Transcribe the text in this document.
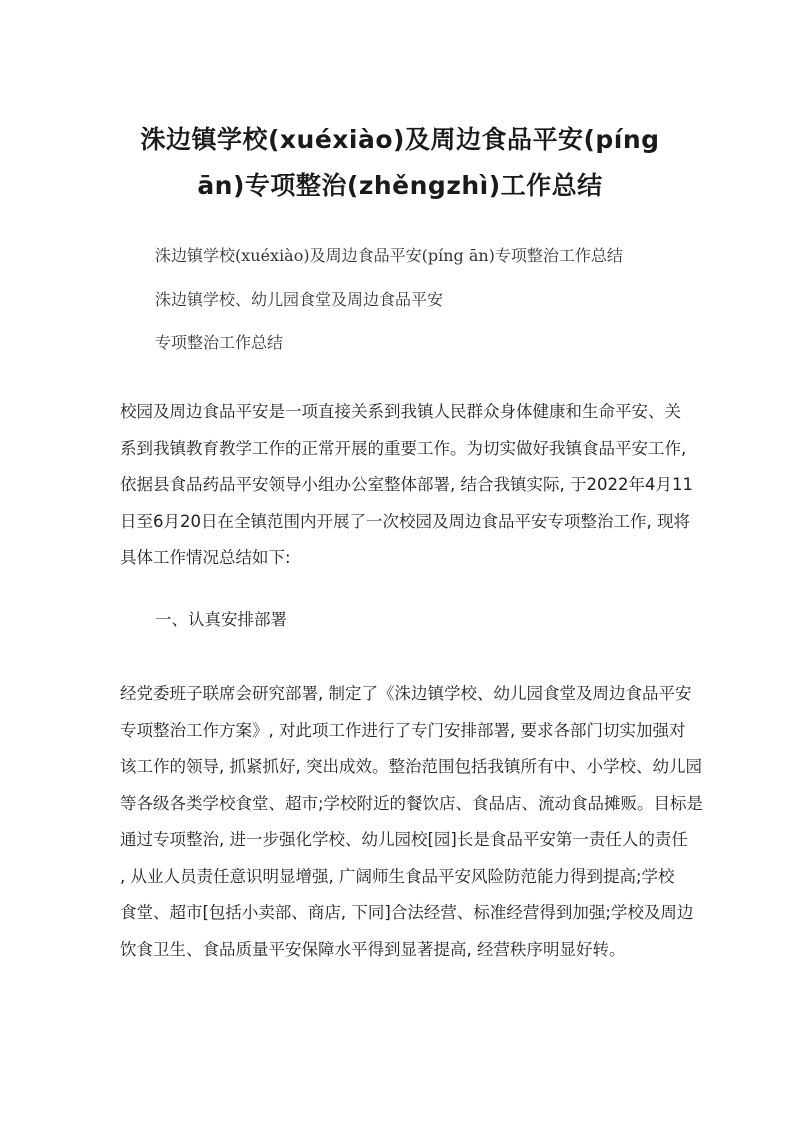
洙边镇学校(xuéxiào)及周边食品平安(píng
ān)专项整治(zhěngzhì)工作总结
洙边镇学校(xuéxiào)及周边食品平安(píng ān)专项整治工作总结
洙边镇学校、幼儿园食堂及周边食品平安
专项整治工作总结
校园及周边食品平安是一项直接关系到我镇人民群众身体健康和生命平安、关
系到我镇教育教学工作的正常开展的重要工作。为切实做好我镇食品平安工作,
依据县食品药品平安领导小组办公室整体部署, 结合我镇实际, 于2022年4月11
日至6月20日在全镇范围内开展了一次校园及周边食品平安专项整治工作, 现将
具体工作情况总结如下:
一、认真安排部署
经党委班子联席会研究部署, 制定了《洙边镇学校、幼儿园食堂及周边食品平安
专项整治工作方案》, 对此项工作进行了专门安排部署, 要求各部门切实加强对
该工作的领导, 抓紧抓好, 突出成效。整治范围包括我镇所有中、小学校、幼儿园
等各级各类学校食堂、超市;学校附近的餐饮店、食品店、流动食品摊贩。目标是
通过专项整治, 进一步强化学校、幼儿园校[园]长是食品平安第一责任人的责任
, 从业人员责任意识明显增强, 广阔师生食品平安风险防范能力得到提高;学校
食堂、超市[包括小卖部、商店, 下同]合法经营、标准经营得到加强;学校及周边
饮食卫生、食品质量平安保障水平得到显著提高, 经营秩序明显好转。
